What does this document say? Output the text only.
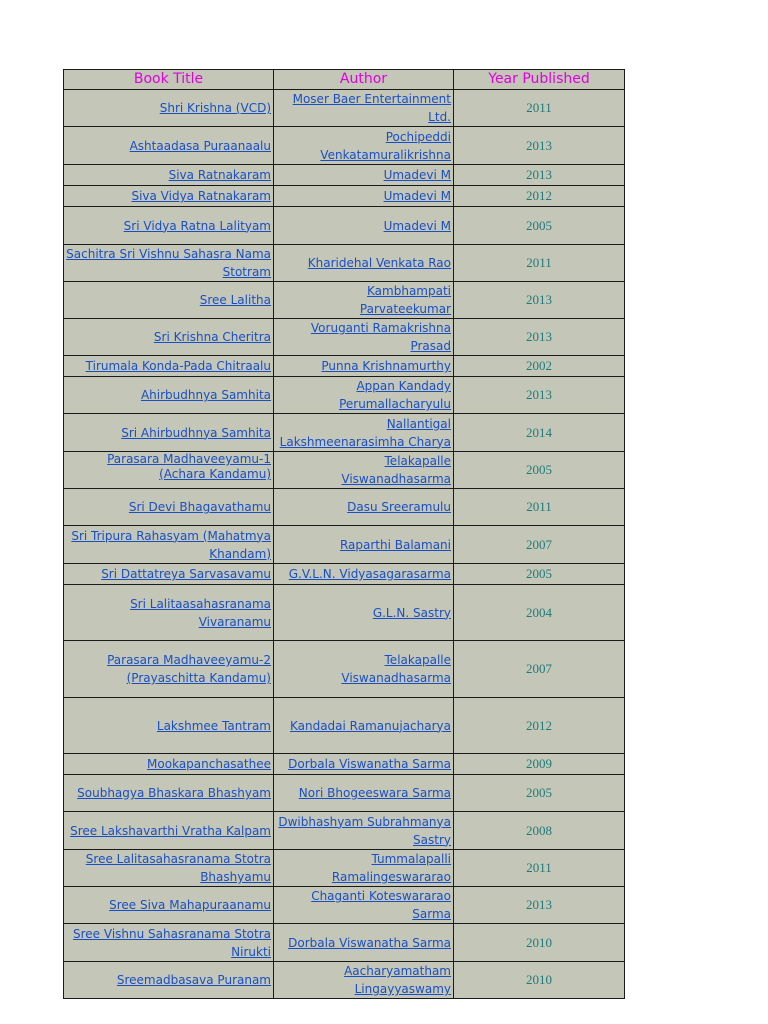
Book Title	Author	Year Published
Shri Krishna (VCD)	Moser Baer Entertainment Ltd.	2011
Ashtaadasa Puraanaalu	Pochipeddi Venkatamuralikrishna	2013
Siva Ratnakaram	Umadevi M	2013
Siva Vidya Ratnakaram	Umadevi M	2012
Sri Vidya Ratna Lalityam	Umadevi M	2005
Sachitra Sri Vishnu Sahasra Nama Stotram	Kharidehal Venkata Rao	2011
Sree Lalitha	Kambhampati Parvateekumar	2013
Sri Krishna Cheritra	Voruganti Ramakrishna Prasad	2013
Tirumala Konda-Pada Chitraalu	Punna Krishnamurthy	2002
Ahirbudhnya Samhita	Appan Kandady Perumallacharyulu	2013
Sri Ahirbudhnya Samhita	Nallantigal Lakshmeenarasimha Charya	2014
Parasara Madhaveeyamu-1 (Achara Kandamu)	Telakapalle Viswanadhasarma	2005
Sri Devi Bhagavathamu	Dasu Sreeramulu	2011
Sri Tripura Rahasyam (Mahatmya Khandam)	Raparthi Balamani	2007
Sri Dattatreya Sarvasavamu	G.V.L.N. Vidyasagarasarma	2005
Sri Lalitaasahasranama Vivaranamu	G.L.N. Sastry	2004
Parasara Madhaveeyamu-2 (Prayaschitta Kandamu)	Telakapalle Viswanadhasarma	2007
Lakshmee Tantram	Kandadai Ramanujacharya	2012
Mookapanchasathee	Dorbala Viswanatha Sarma	2009
Soubhagya Bhaskara Bhashyam	Nori Bhogeeswara Sarma	2005
Sree Lakshavarthi Vratha Kalpam	Dwibhashyam Subrahmanya Sastry	2008
Sree Lalitasahasranama Stotra Bhashyamu	Tummalapalli Ramalingeswararao	2011
Sree Siva Mahapuraanamu	Chaganti Koteswararao Sarma	2013
Sree Vishnu Sahasranama Stotra Nirukti	Dorbala Viswanatha Sarma	2010
Sreemadbasava Puranam	Aacharyamatham Lingayyaswamy	2010
